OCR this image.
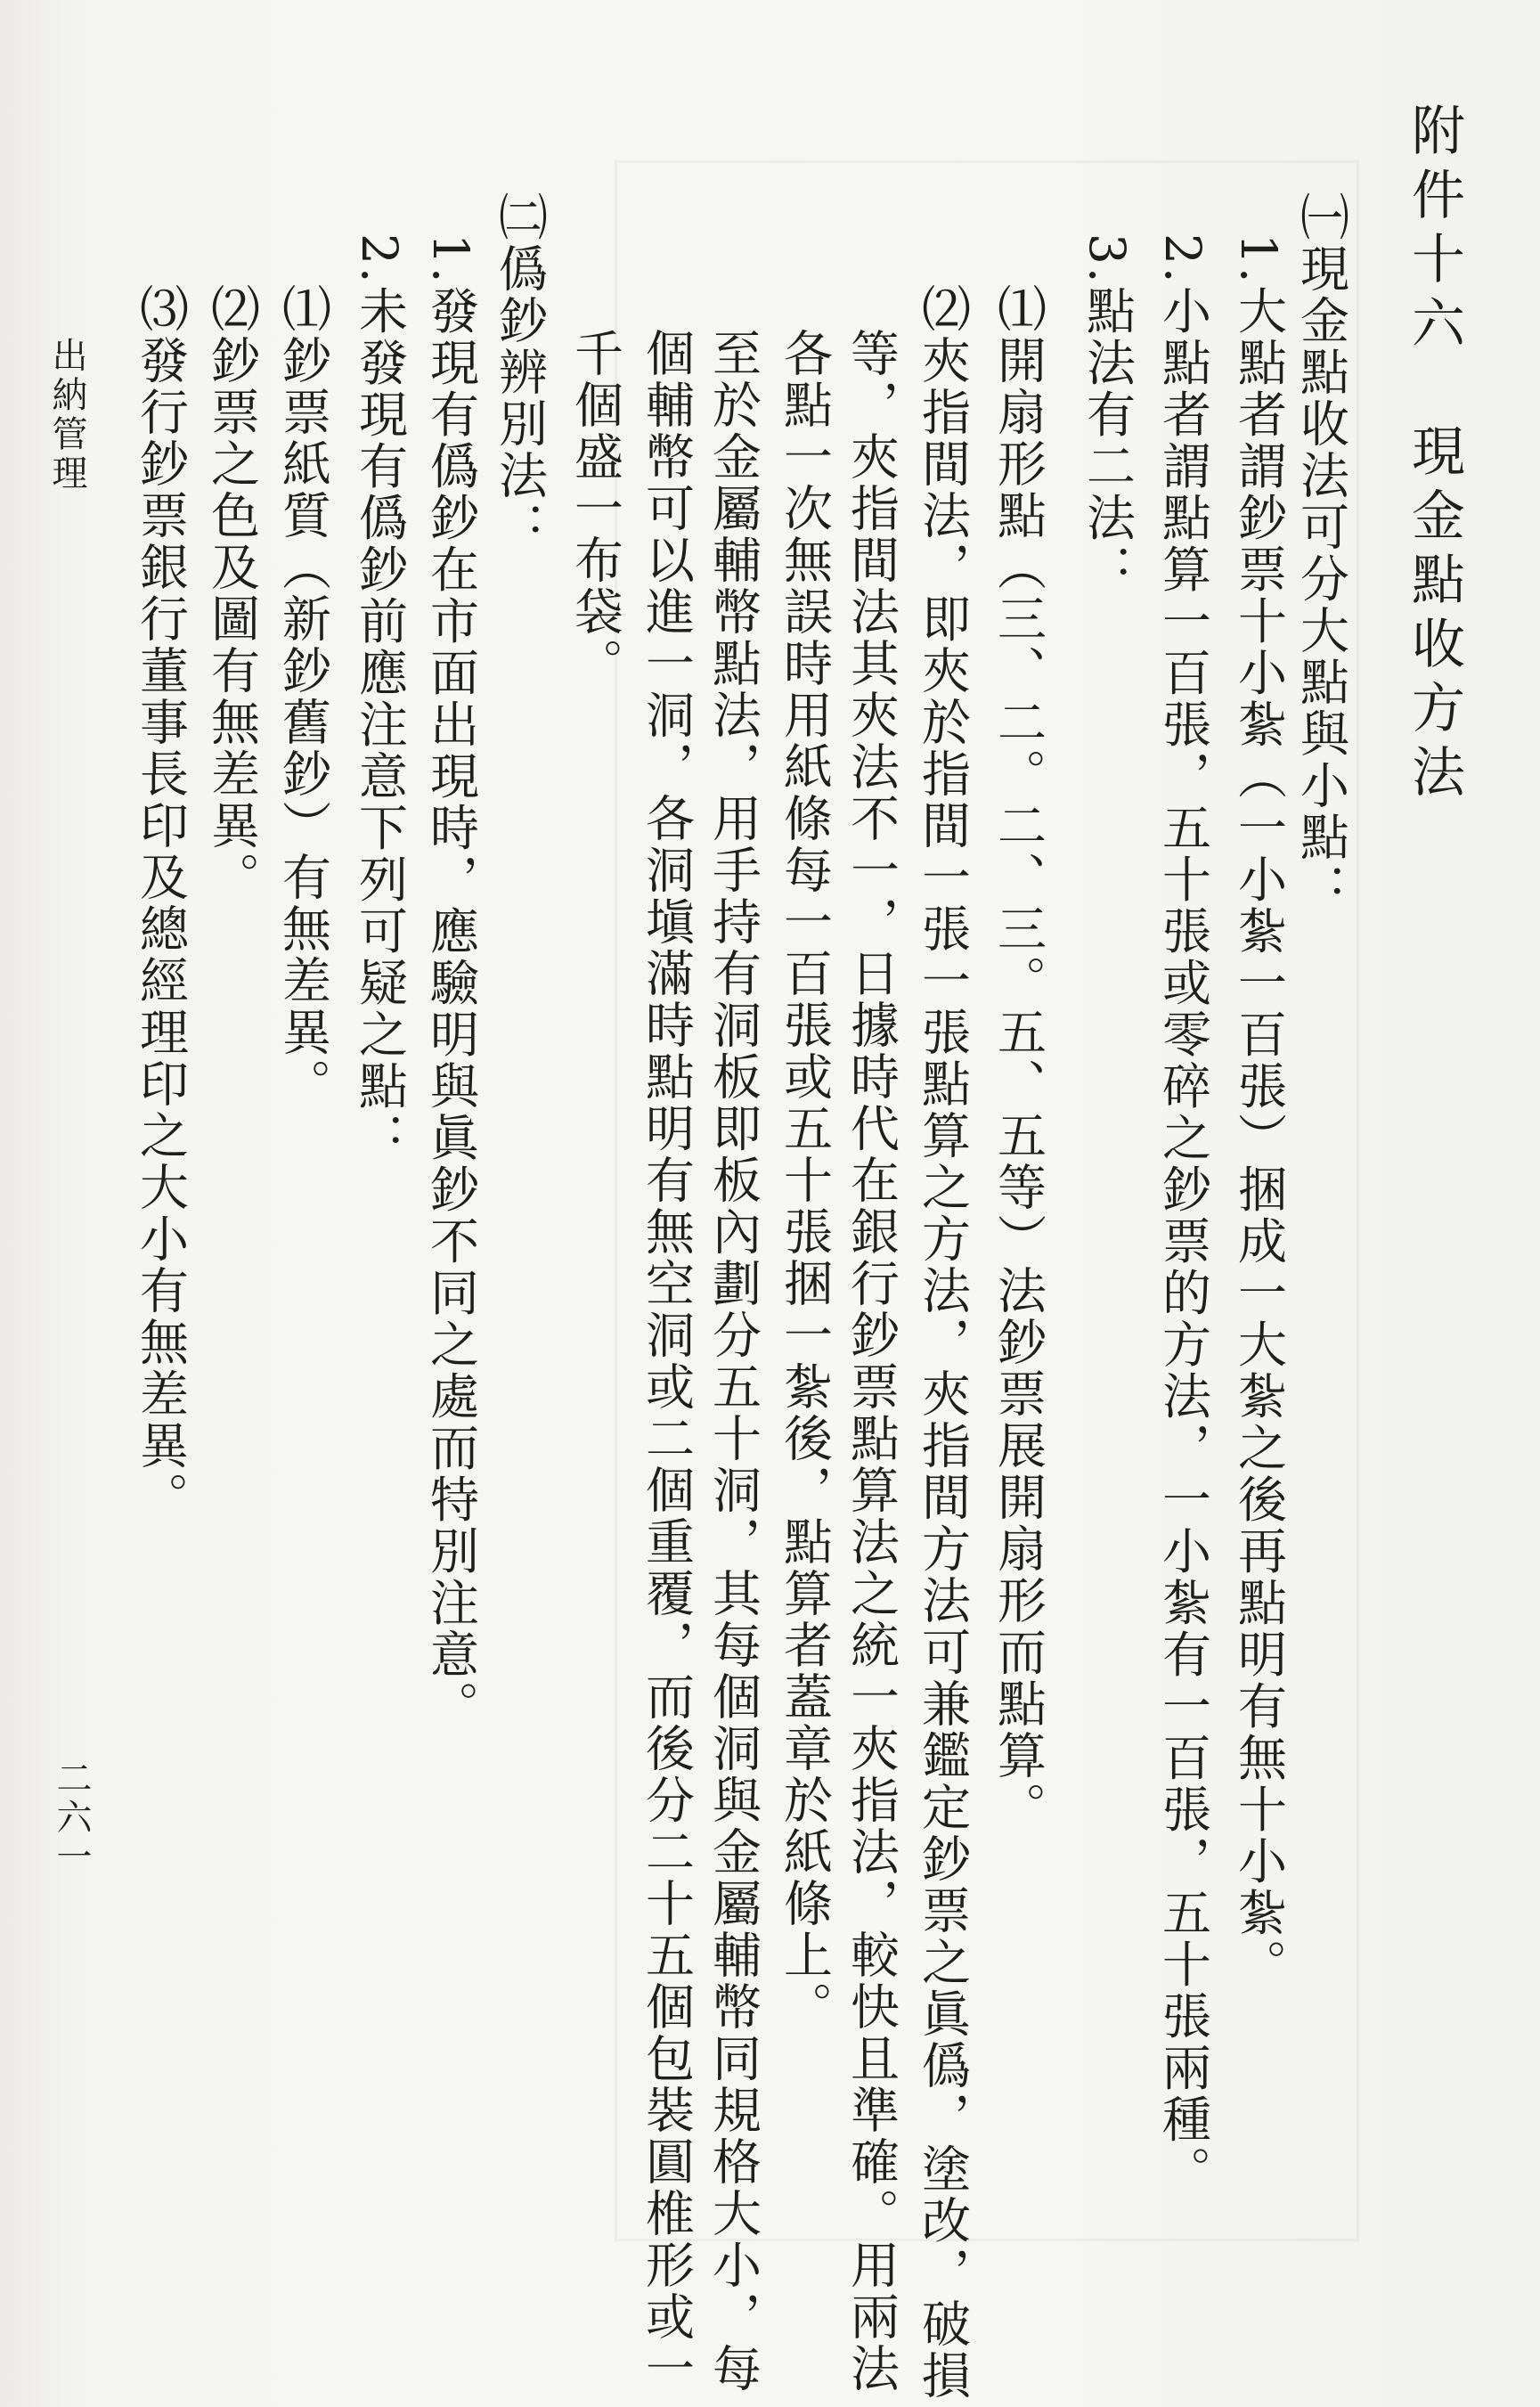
附件十六　現金點收方法
㈠現金點收法可分大點與小點：
1.大點者謂鈔票十小紮（一小紮一百張）捆成一大紮之後再點明有無十小紮。
2.小點者謂點算一百張，五十張或零碎之鈔票的方法，一小紮有一百張，五十張兩種。
3.點法有二法：
⑴開扇形點（三、二。二、三。五、五等）法鈔票展開扇形而點算。
⑵夾指間法，即夾於指間一張一張點算之方法，夾指間方法可兼鑑定鈔票之眞僞，塗改，破損
等，夾指間法其夾法不一，日據時代在銀行鈔票點算法之統一夾指法，較快且準確。用兩法
各點一次無誤時用紙條每一百張或五十張捆一紮後，點算者蓋章於紙條上。
至於金屬輔幣點法，用手持有洞板即板內劃分五十洞，其每個洞與金屬輔幣同規格大小，每
個輔幣可以進一洞，各洞塡滿時點明有無空洞或二個重覆，而後分二十五個包裝圓椎形或一
千個盛一布袋。
㈡僞鈔辨別法：
1.發現有僞鈔在市面出現時，應驗明與眞鈔不同之處而特別注意。
2.未發現有僞鈔前應注意下列可疑之點：
⑴鈔票紙質（新鈔舊鈔）有無差異。
⑵鈔票之色及圖有無差異。
⑶發行鈔票銀行董事長印及總經理印之大小有無差異。
出納管理
二六一
